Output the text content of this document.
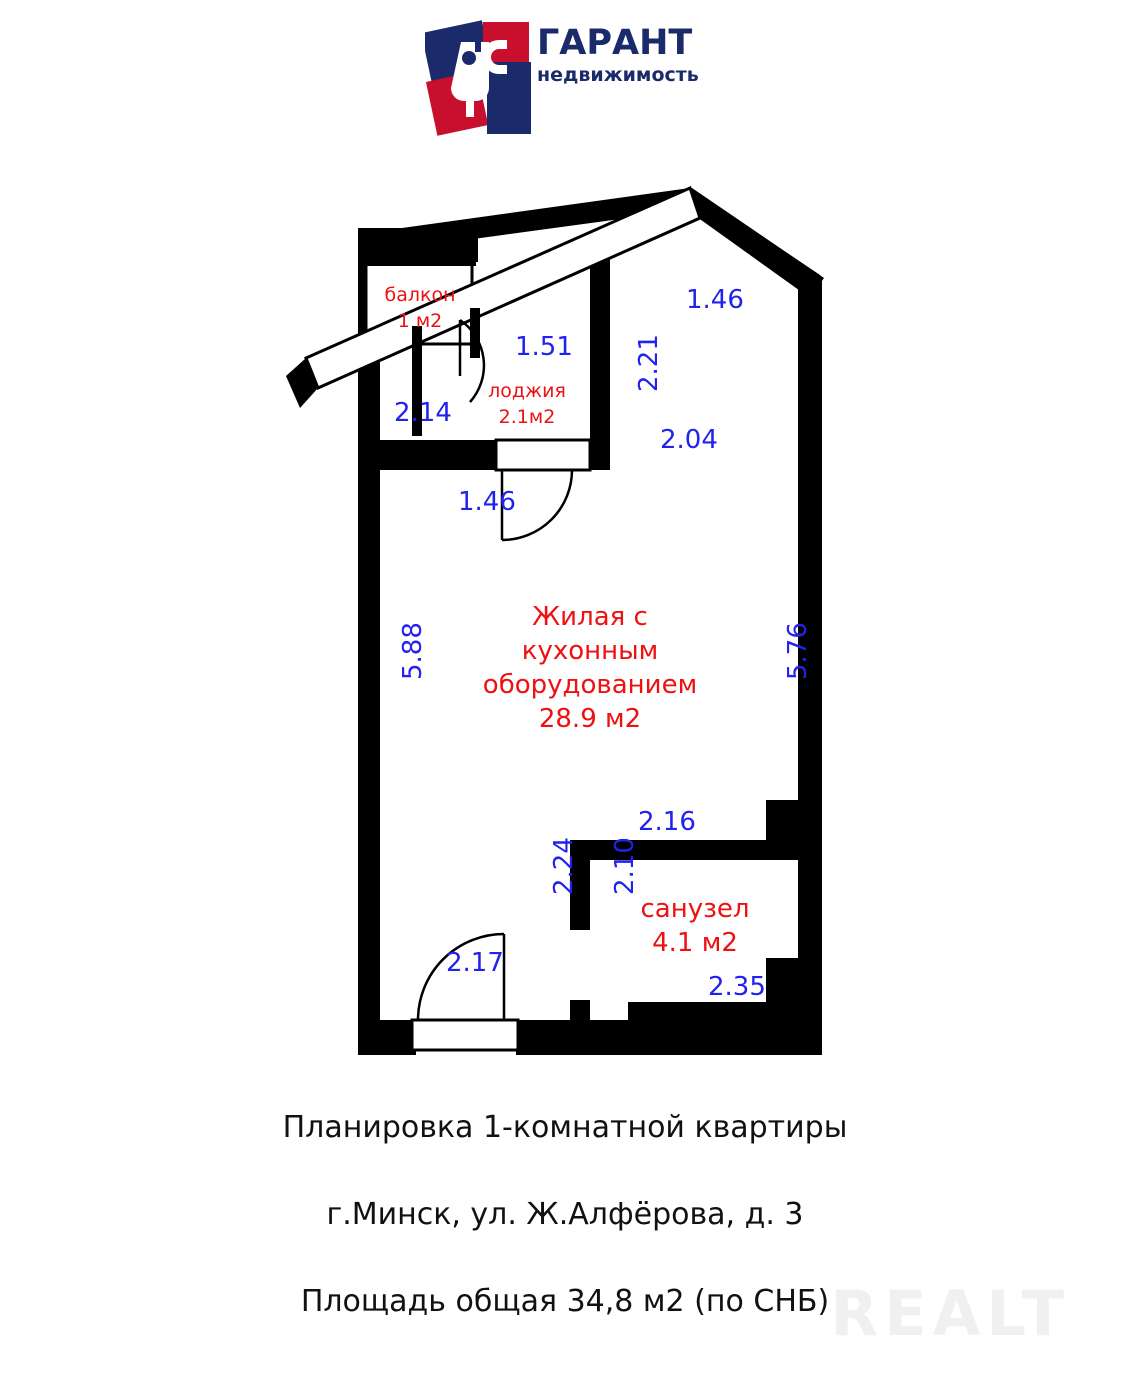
ГАРАНТ
недвижимость
1.46
1.51
2.14
2.21
2.04
1.46
5.88	5.76
2.16
2.24 2.10
2.35
2.17
балкон
1 м2
лоджия
2.1м2
Жилая с
кухонным
оборудованием
28.9 м2
санузел
4.1 м2
Планировка 1-комнатной квартиры
г.Минск, ул. Ж.Алфёрова, д. 3
Площадь общая 34,8 м2 (по СНБ) REALT
